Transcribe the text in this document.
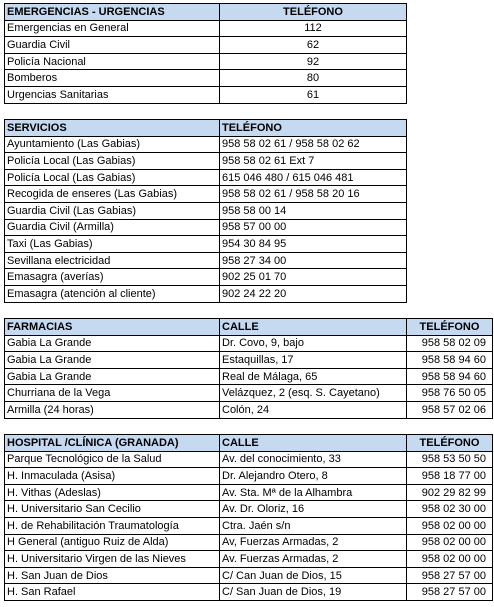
EMERGENCIAS - URGENCIAS	TELÉFONO
Emergencias en General	112
Guardia Civil	62
Policía Nacional	92
Bomberos	80
Urgencias Sanitarias	61
SERVICIOS	TELÉFONO
Ayuntamiento (Las Gabias)	958 58 02 61 / 958 58 02 62
Policía Local (Las Gabias)	958 58 02 61 Ext 7
Policía Local (Las Gabias)	615 046 480 / 615 046 481
Recogida de enseres (Las Gabias)	958 58 02 61 / 958 58 20 16
Guardia Civil (Las Gabias)	958 58 00 14
Guardia Civil (Armilla)	958 57 00 00
Taxi (Las Gabias)	954 30 84 95
Sevillana electricidad	958 27 34 00
Emasagra (averías)	902 25 01 70
Emasagra (atención al cliente)	902 24 22 20
FARMACIAS	CALLE	TELÉFONO
Gabia La Grande	Dr. Covo, 9, bajo	958 58 02 09
Gabia La Grande	Estaquillas, 17	958 58 94 60
Gabia La Grande	Real de Málaga, 65	958 58 94 60
Churriana de la Vega	Velázquez, 2 (esq. S. Cayetano)	958 76 50 05
Armilla (24 horas)	Colón, 24	958 57 02 06
HOSPITAL /CLÍNICA (GRANADA)	CALLE	TELÉFONO
Parque Tecnológico de la Salud	Av. del conocimiento, 33	958 53 50 50
H. Inmaculada (Asisa)	Dr. Alejandro Otero, 8	958 18 77 00
H. Vithas (Adeslas)	Av. Sta. Mª de la Alhambra	902 29 82 99
H. Universitario San Cecilio	Av. Dr. Oloriz, 16	958 02 30 00
H. de Rehabilitación Traumatología	Ctra. Jaén s/n	958 02 00 00
H General (antiguo Ruiz de Alda)	Av, Fuerzas Armadas, 2	958 02 00 00
H. Universitario Virgen de las Nieves	Av. Fuerzas Armadas, 2	958 02 00 00
H. San Juan de Dios	C/ Can Juan de Dios, 15	958 27 57 00
H. San Rafael	C/ San Juan de Dios, 19	958 27 57 00
